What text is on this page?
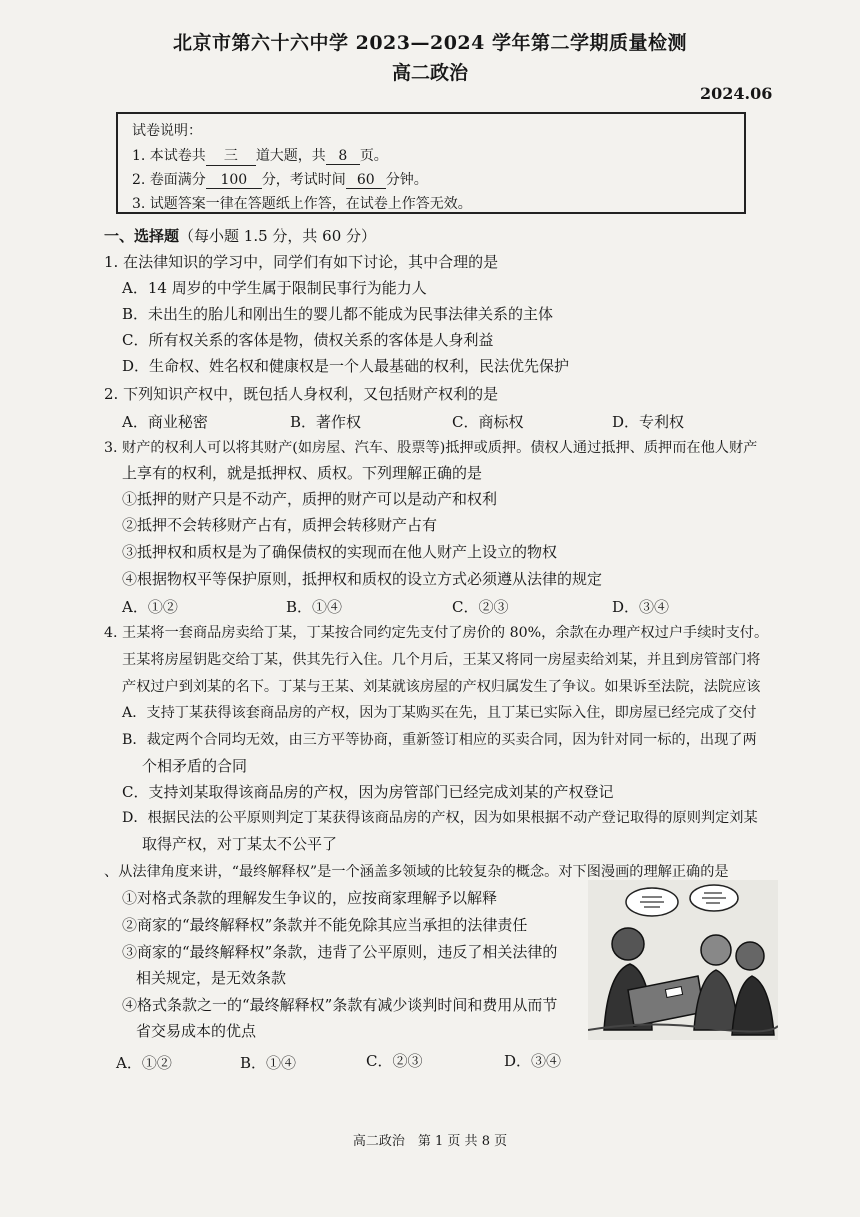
北京市第六十六中学 2023—2024 学年第二学期质量检测
高二政治
2024.06
试卷说明：
1. 本试卷共 三 道大题，共 8 页。
2. 卷面满分 100 分，考试时间 60 分钟。
3. 试题答案一律在答题纸上作答，在试卷上作答无效。
一、选择题（每小题 1.5 分，共 60 分）
1. 在法律知识的学习中，同学们有如下讨论，其中合理的是
A．14 周岁的中学生属于限制民事行为能力人
B．未出生的胎儿和刚出生的婴儿都不能成为民事法律关系的主体
C．所有权关系的客体是物，债权关系的客体是人身利益
D．生命权、姓名权和健康权是一个人最基础的权利，民法优先保护
2. 下列知识产权中，既包括人身权利，又包括财产权利的是
A．商业秘密	B．著作权	C．商标权	D．专利权
3. 财产的权利人可以将其财产(如房屋、汽车、股票等)抵押或质押。债权人通过抵押、质押而在他人财产
上享有的权利，就是抵押权、质权。下列理解正确的是
①抵押的财产只是不动产，质押的财产可以是动产和权利
②抵押不会转移财产占有，质押会转移财产占有
③抵押权和质权是为了确保债权的实现而在他人财产上设立的物权
④根据物权平等保护原则，抵押权和质权的设立方式必须遵从法律的规定
A．①②	B．①④	C．②③	D．③④
4. 王某将一套商品房卖给丁某，丁某按合同约定先支付了房价的 80%，余款在办理产权过户手续时支付。
王某将房屋钥匙交给丁某，供其先行入住。几个月后，王某又将同一房屋卖给刘某，并且到房管部门将
产权过户到刘某的名下。丁某与王某、刘某就该房屋的产权归属发生了争议。如果诉至法院，法院应该
A．支持丁某获得该套商品房的产权，因为丁某购买在先，且丁某已实际入住，即房屋已经完成了交付
B．裁定两个合同均无效，由三方平等协商，重新签订相应的买卖合同，因为针对同一标的，出现了两
个相矛盾的合同
C．支持刘某取得该商品房的产权，因为房管部门已经完成刘某的产权登记
D．根据民法的公平原则判定丁某获得该商品房的产权，因为如果根据不动产登记取得的原则判定刘某
取得产权，对丁某太不公平了
、从法律角度来讲，“最终解释权”是一个涵盖多领域的比较复杂的概念。对下图漫画的理解正确的是
①对格式条款的理解发生争议的，应按商家理解予以解释
②商家的“最终解释权”条款并不能免除其应当承担的法律责任
③商家的“最终解释权”条款，违背了公平原则，违反了相关法律的
相关规定，是无效条款
④格式条款之一的“最终解释权”条款有减少谈判时间和费用从而节
省交易成本的优点
A．①②	B．①④	C．②③	D．③④
高二政治　第 1 页 共 8 页
